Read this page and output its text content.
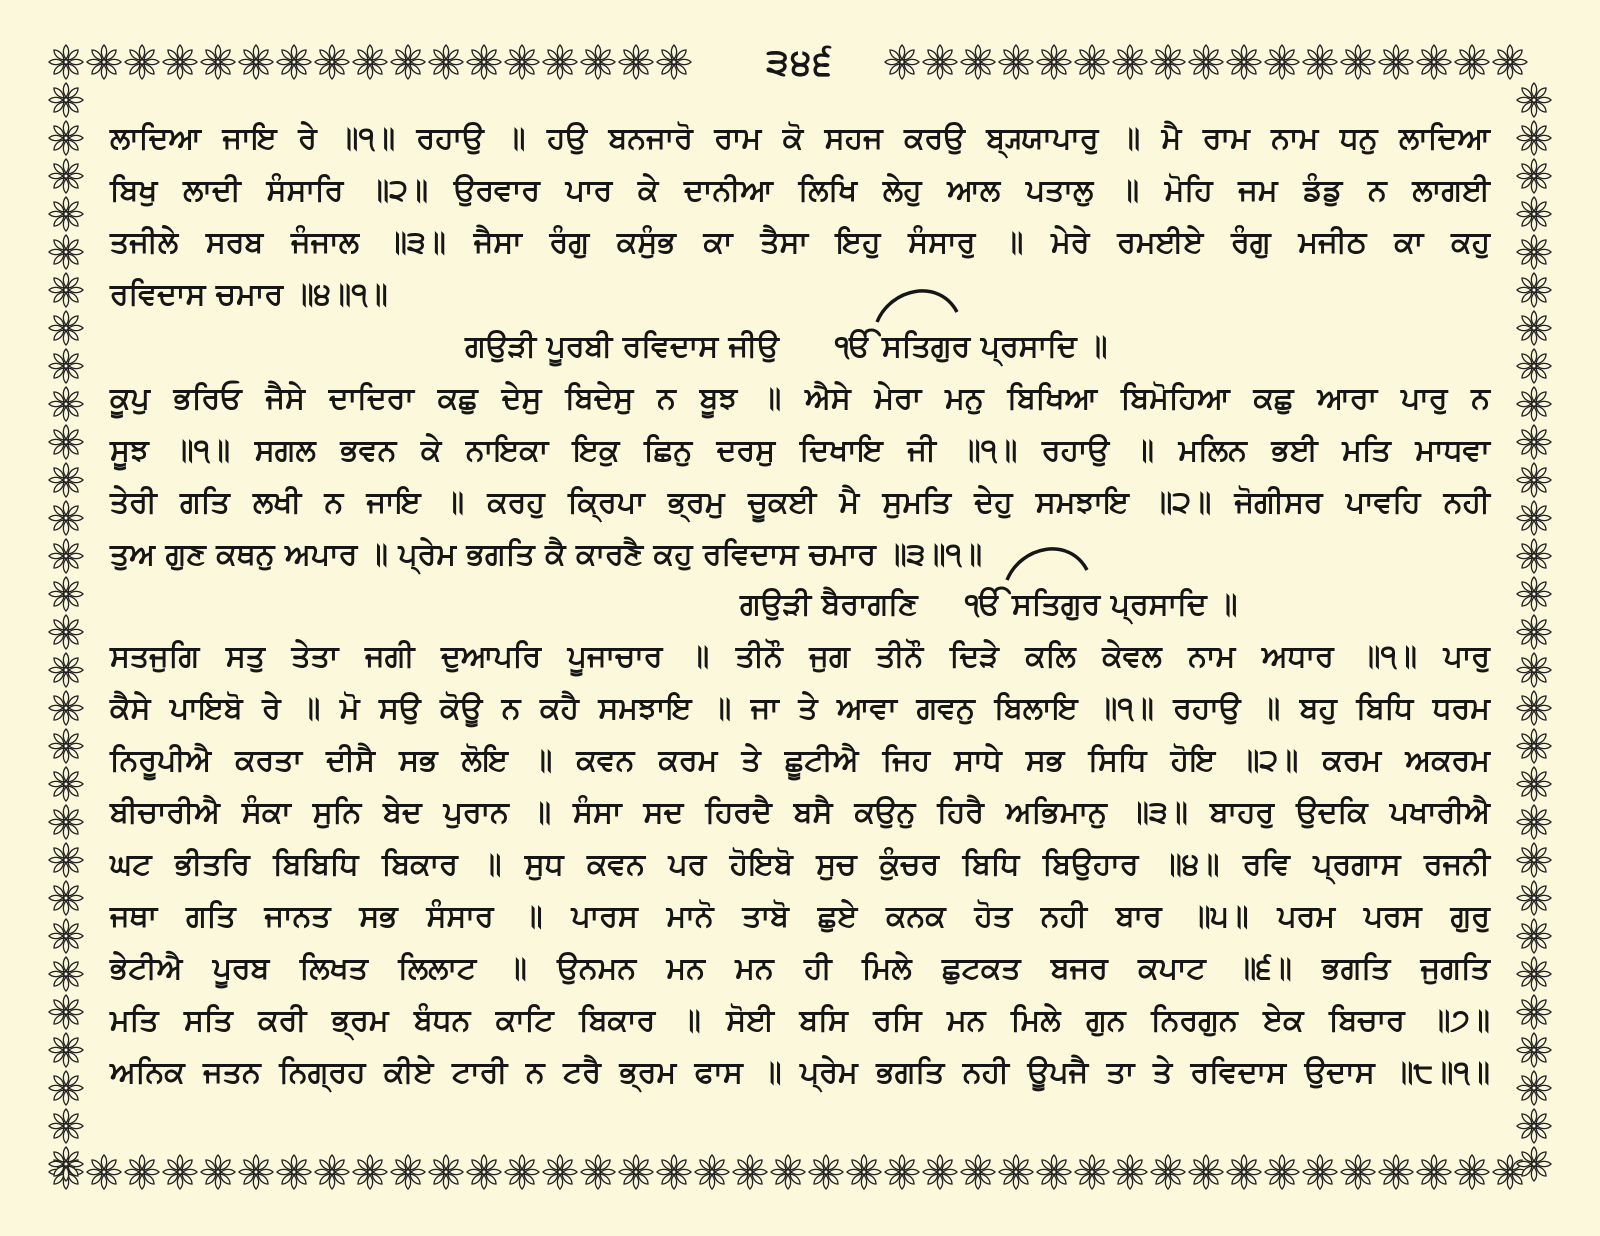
੩੪੬
ਲਾਦਿਆ ਜਾਇ ਰੇ ॥੧॥ ਰਹਾਉ ॥ ਹਉ ਬਨਜਾਰੋ ਰਾਮ ਕੋ ਸਹਜ ਕਰਉ ਬ੍ਯ੍ਯਾਪਾਰੁ ॥ ਮੈ ਰਾਮ ਨਾਮ ਧਨੁ ਲਾਦਿਆ
ਬਿਖੁ ਲਾਦੀ ਸੰਸਾਰਿ ॥੨॥ ਉਰਵਾਰ ਪਾਰ ਕੇ ਦਾਨੀਆ ਲਿਖਿ ਲੇਹੁ ਆਲ ਪਤਾਲੁ ॥ ਮੋਹਿ ਜਮ ਡੰਡੁ ਨ ਲਾਗਈ
ਤਜੀਲੇ ਸਰਬ ਜੰਜਾਲ ॥੩॥ ਜੈਸਾ ਰੰਗੁ ਕਸੁੰਭ ਕਾ ਤੈਸਾ ਇਹੁ ਸੰਸਾਰੁ ॥ ਮੇਰੇ ਰਮਈਏ ਰੰਗੁ ਮਜੀਠ ਕਾ ਕਹੁ
ਰਵਿਦਾਸ ਚਮਾਰ ॥੪॥੧॥
ਗਉੜੀ ਪੂਰਬੀ ਰਵਿਦਾਸ ਜੀਉ ੴ ਸਤਿਗੁਰ ਪ੍ਰਸਾਦਿ ॥
ਕੂਪੁ ਭਰਿਓ ਜੈਸੇ ਦਾਦਿਰਾ ਕਛੁ ਦੇਸੁ ਬਿਦੇਸੁ ਨ ਬੂਝ ॥ ਐਸੇ ਮੇਰਾ ਮਨੁ ਬਿਖਿਆ ਬਿਮੋਹਿਆ ਕਛੁ ਆਰਾ ਪਾਰੁ ਨ
ਸੂਝ ॥੧॥ ਸਗਲ ਭਵਨ ਕੇ ਨਾਇਕਾ ਇਕੁ ਛਿਨੁ ਦਰਸੁ ਦਿਖਾਇ ਜੀ ॥੧॥ ਰਹਾਉ ॥ ਮਲਿਨ ਭਈ ਮਤਿ ਮਾਧਵਾ
ਤੇਰੀ ਗਤਿ ਲਖੀ ਨ ਜਾਇ ॥ ਕਰਹੁ ਕ੍ਰਿਪਾ ਭ੍ਰਮੁ ਚੂਕਈ ਮੈ ਸੁਮਤਿ ਦੇਹੁ ਸਮਝਾਇ ॥੨॥ ਜੋਗੀਸਰ ਪਾਵਹਿ ਨਹੀ
ਤੁਅ ਗੁਣ ਕਥਨੁ ਅਪਾਰ ॥ ਪ੍ਰੇਮ ਭਗਤਿ ਕੈ ਕਾਰਣੈ ਕਹੁ ਰਵਿਦਾਸ ਚਮਾਰ ॥੩॥੧॥
ਗਉੜੀ ਬੈਰਾਗਣਿ ੴ ਸਤਿਗੁਰ ਪ੍ਰਸਾਦਿ ॥
ਸਤਜੁਗਿ ਸਤੁ ਤੇਤਾ ਜਗੀ ਦੁਆਪਰਿ ਪੂਜਾਚਾਰ ॥ ਤੀਨੌ ਜੁਗ ਤੀਨੌ ਦਿੜੇ ਕਲਿ ਕੇਵਲ ਨਾਮ ਅਧਾਰ ॥੧॥ ਪਾਰੁ
ਕੈਸੇ ਪਾਇਬੋ ਰੇ ॥ ਮੋ ਸਉ ਕੋਊ ਨ ਕਹੈ ਸਮਝਾਇ ॥ ਜਾ ਤੇ ਆਵਾ ਗਵਨੁ ਬਿਲਾਇ ॥੧॥ ਰਹਾਉ ॥ ਬਹੁ ਬਿਧਿ ਧਰਮ
ਨਿਰੂਪੀਐ ਕਰਤਾ ਦੀਸੈ ਸਭ ਲੋਇ ॥ ਕਵਨ ਕਰਮ ਤੇ ਛੂਟੀਐ ਜਿਹ ਸਾਧੇ ਸਭ ਸਿਧਿ ਹੋਇ ॥੨॥ ਕਰਮ ਅਕਰਮ
ਬੀਚਾਰੀਐ ਸੰਕਾ ਸੁਨਿ ਬੇਦ ਪੁਰਾਨ ॥ ਸੰਸਾ ਸਦ ਹਿਰਦੈ ਬਸੈ ਕਉਨੁ ਹਿਰੈ ਅਭਿਮਾਨੁ ॥੩॥ ਬਾਹਰੁ ਉਦਕਿ ਪਖਾਰੀਐ
ਘਟ ਭੀਤਰਿ ਬਿਬਿਧਿ ਬਿਕਾਰ ॥ ਸੁਧ ਕਵਨ ਪਰ ਹੋਇਬੋ ਸੁਚ ਕੁੰਚਰ ਬਿਧਿ ਬਿਉਹਾਰ ॥੪॥ ਰਵਿ ਪ੍ਰਗਾਸ ਰਜਨੀ
ਜਥਾ ਗਤਿ ਜਾਨਤ ਸਭ ਸੰਸਾਰ ॥ ਪਾਰਸ ਮਾਨੋ ਤਾਬੋ ਛੁਏ ਕਨਕ ਹੋਤ ਨਹੀ ਬਾਰ ॥੫॥ ਪਰਮ ਪਰਸ ਗੁਰੁ
ਭੇਟੀਐ ਪੂਰਬ ਲਿਖਤ ਲਿਲਾਟ ॥ ਉਨਮਨ ਮਨ ਮਨ ਹੀ ਮਿਲੇ ਛੁਟਕਤ ਬਜਰ ਕਪਾਟ ॥੬॥ ਭਗਤਿ ਜੁਗਤਿ
ਮਤਿ ਸਤਿ ਕਰੀ ਭ੍ਰਮ ਬੰਧਨ ਕਾਟਿ ਬਿਕਾਰ ॥ ਸੋਈ ਬਸਿ ਰਸਿ ਮਨ ਮਿਲੇ ਗੁਨ ਨਿਰਗੁਨ ਏਕ ਬਿਚਾਰ ॥੭॥
ਅਨਿਕ ਜਤਨ ਨਿਗ੍ਰਹ ਕੀਏ ਟਾਰੀ ਨ ਟਰੈ ਭ੍ਰਮ ਫਾਸ ॥ ਪ੍ਰੇਮ ਭਗਤਿ ਨਹੀ ਊਪਜੈ ਤਾ ਤੇ ਰਵਿਦਾਸ ਉਦਾਸ ॥੮॥੧॥
